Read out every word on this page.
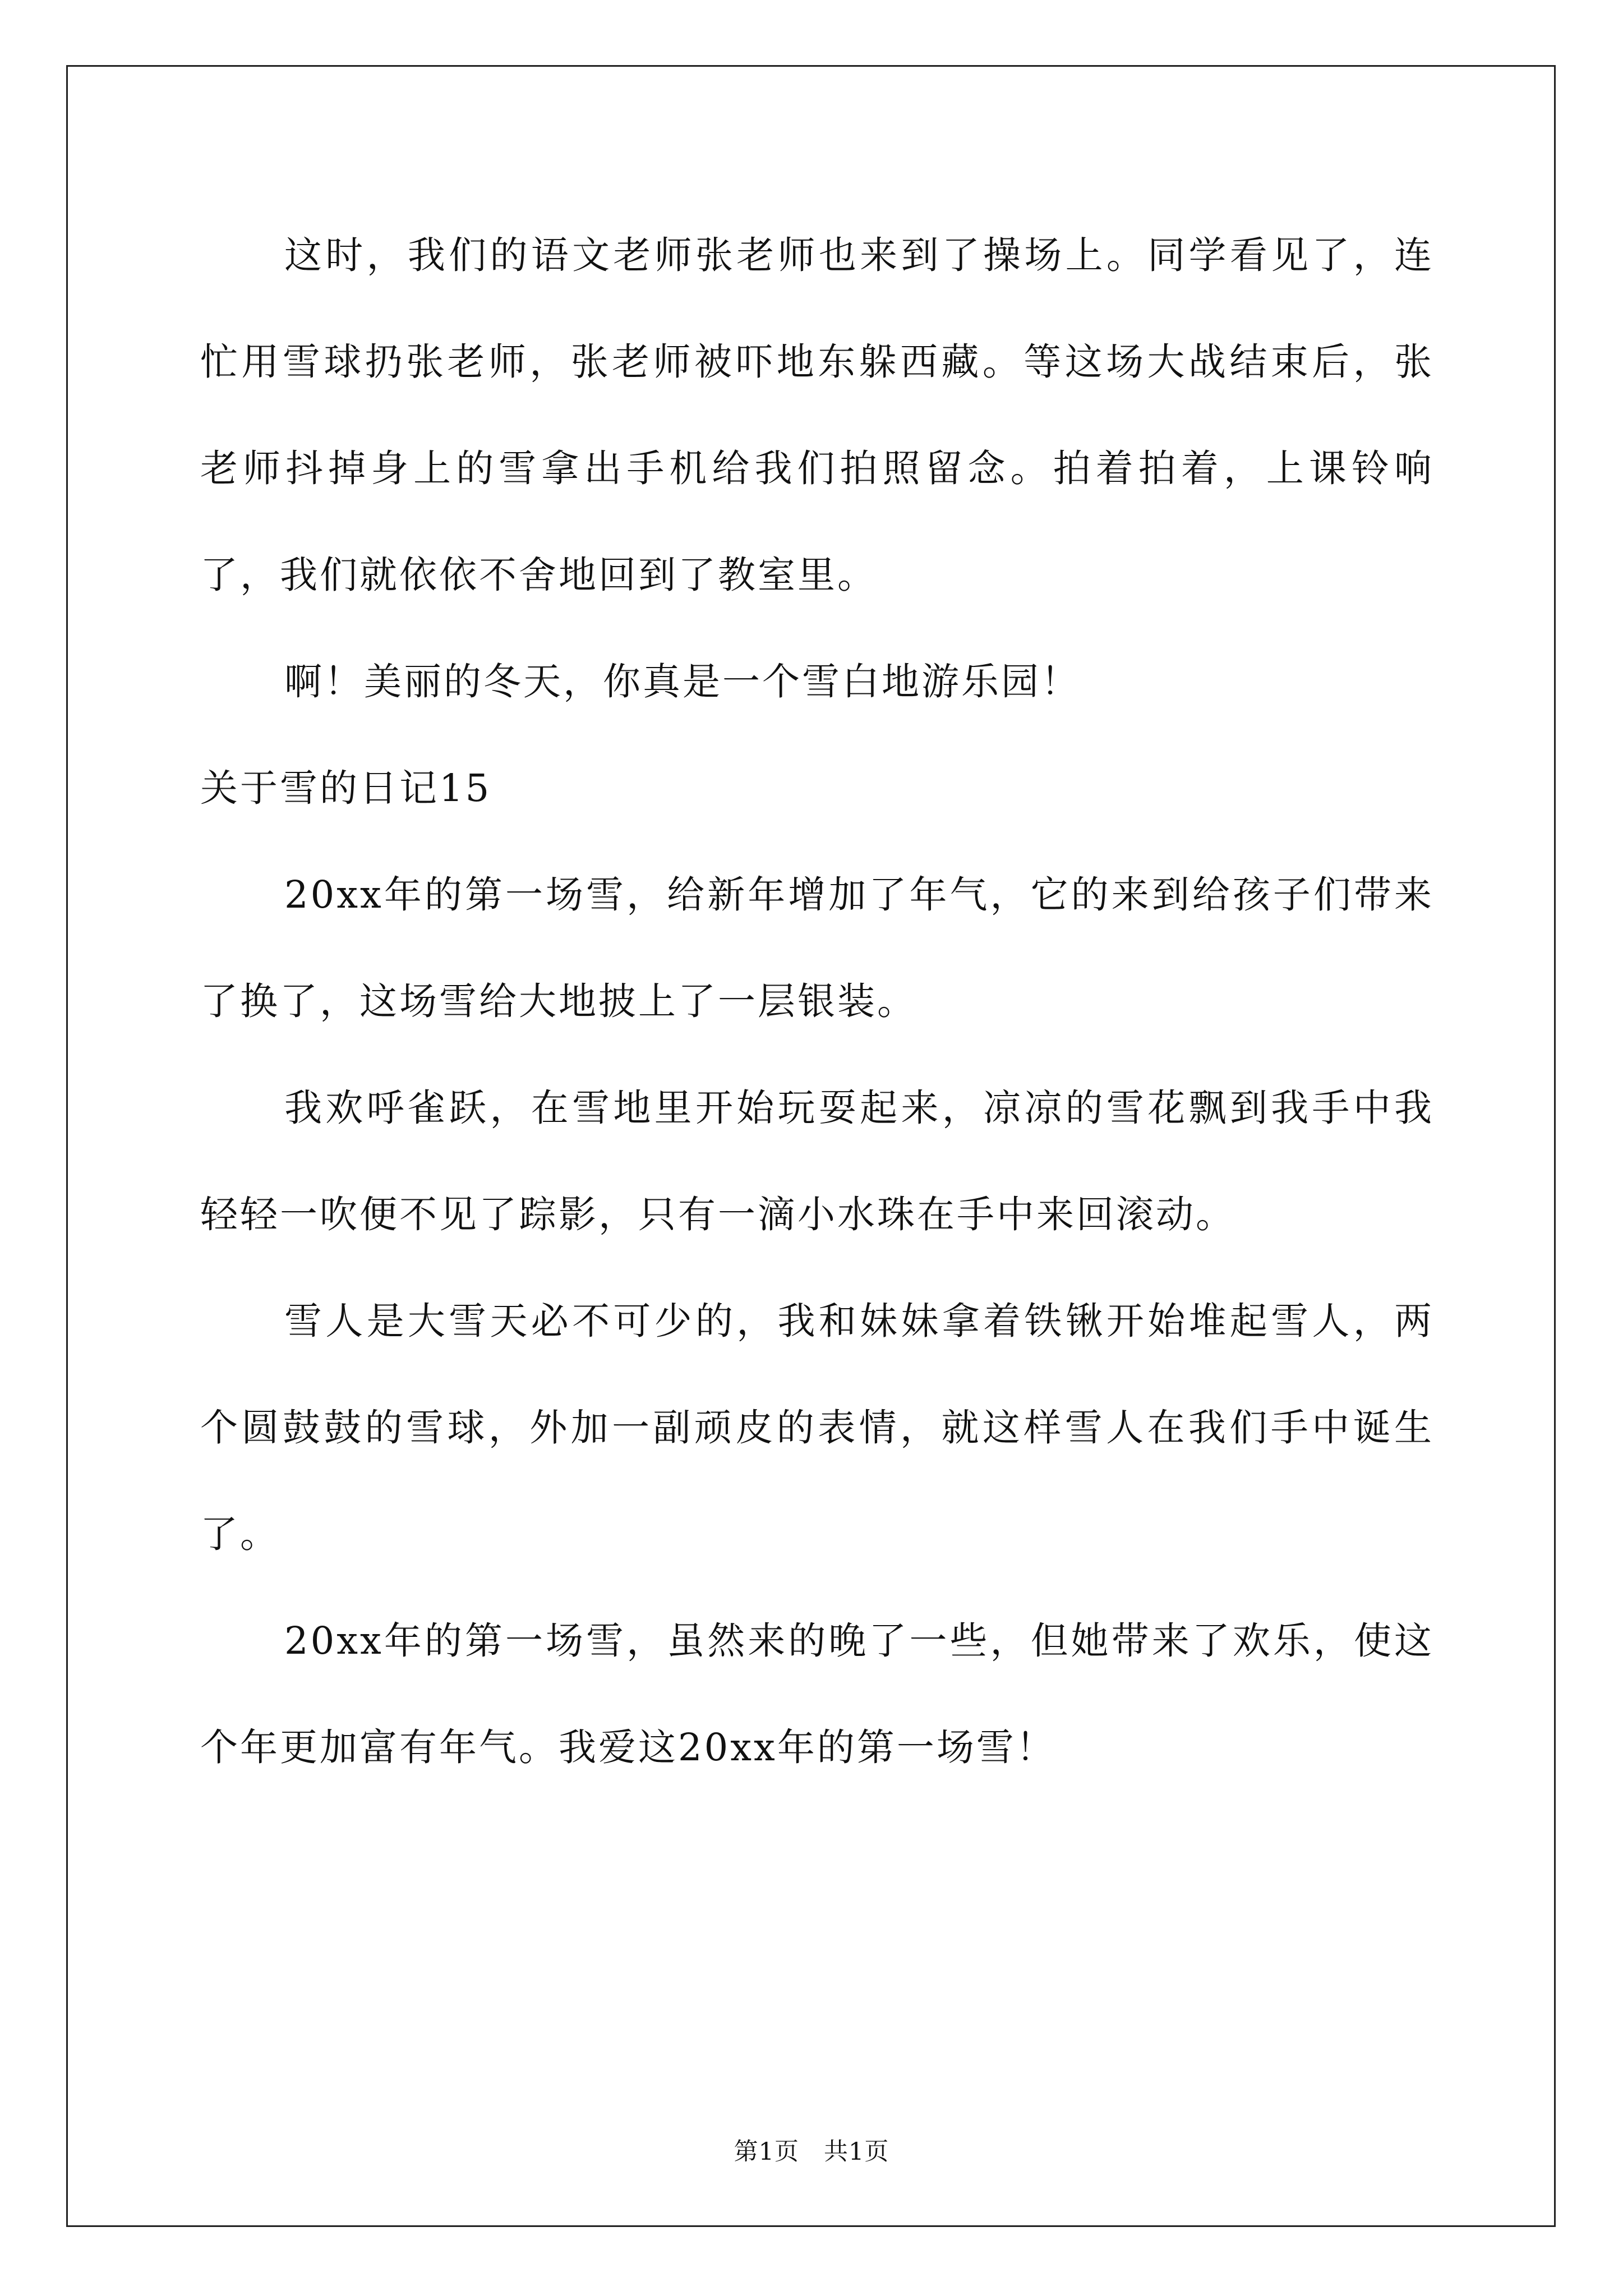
这时，我们的语文老师张老师也来到了操场上。同学看见了，连忙用雪球扔张老师，张老师被吓地东躲西藏。等这场大战结束后，张老师抖掉身上的雪拿出手机给我们拍照留念。拍着拍着，上课铃响了，我们就依依不舍地回到了教室里。

啊！美丽的冬天，你真是一个雪白地游乐园！

关于雪的日记15

20xx年的第一场雪，给新年增加了年气，它的来到给孩子们带来了换了，这场雪给大地披上了一层银装。

我欢呼雀跃，在雪地里开始玩耍起来，凉凉的雪花飘到我手中我轻轻一吹便不见了踪影，只有一滴小水珠在手中来回滚动。

雪人是大雪天必不可少的，我和妹妹拿着铁锹开始堆起雪人，两个圆鼓鼓的雪球，外加一副顽皮的表情，就这样雪人在我们手中诞生了。

20xx年的第一场雪，虽然来的晚了一些，但她带来了欢乐，使这个年更加富有年气。我爱这20xx年的第一场雪！

第1页　共1页
